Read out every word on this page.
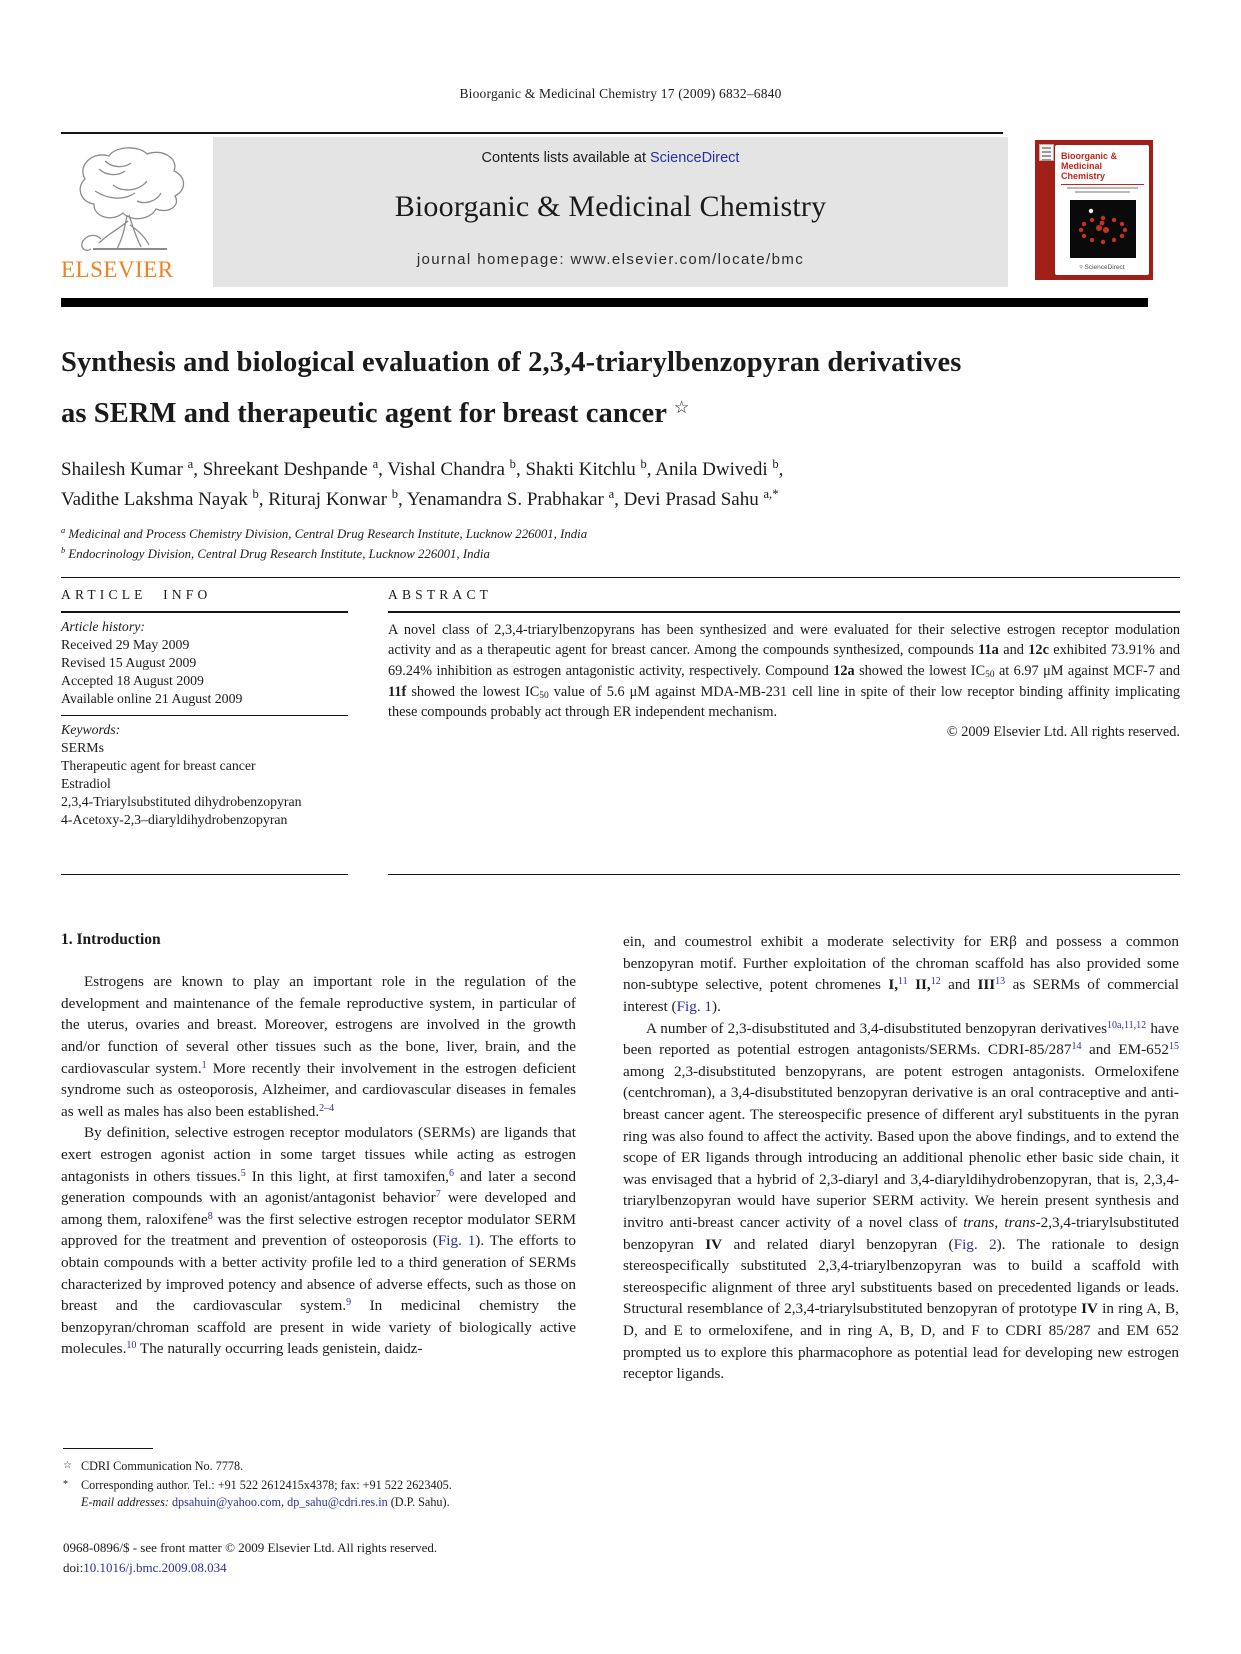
Bioorganic & Medicinal Chemistry 17 (2009) 6832–6840
ELSEVIER
Contents lists available at ScienceDirect
Bioorganic & Medicinal Chemistry
journal homepage: www.elsevier.com/locate/bmc
Bioorganic & Medicinal Chemistry
▿ ScienceDirect
Synthesis and biological evaluation of 2,3,4-triarylbenzopyran derivatives
as SERM and therapeutic agent for breast cancer ☆
Shailesh Kumar $^a$, Shreekant Deshpande $^a$, Vishal Chandra $^b$, Shakti Kitchlu $^b$, Anila Dwivedi $^b$,
Vadithe Lakshma Nayak $^b$, Rituraj Konwar $^b$, Yenamandra S. Prabhakar $^a$, Devi Prasad Sahu $^{a,*}$
$^a$ Medicinal and Process Chemistry Division, Central Drug Research Institute, Lucknow 226001, India
$^b$ Endocrinology Division, Central Drug Research Institute, Lucknow 226001, India
ARTICLE INFO
Article history:
Received 29 May 2009
Revised 15 August 2009
Accepted 18 August 2009
Available online 21 August 2009
Keywords:
SERMs
Therapeutic agent for breast cancer
Estradiol
2,3,4-Triarylsubstituted dihydrobenzopyran
4-Acetoxy-2,3–diaryldihydrobenzopyran
ABSTRACT

A novel class of 2,3,4-triarylbenzopyrans has been synthesized and were evaluated for their selective estrogen receptor modulation activity and as a therapeutic agent for breast cancer. Among the compounds synthesized, compounds 11a and 12c exhibited 73.91% and 69.24% inhibition as estrogen antagonistic activity, respectively. Compound 12a showed the lowest $IC_{50}$ at 6.97 μM against MCF-7 and 11f showed the lowest $IC_{50}$ value of 5.6 μM against MDA-MB-231 cell line in spite of their low receptor binding affinity implicating these compounds probably act through ER independent mechanism.

© 2009 Elsevier Ltd. All rights reserved.
1. Introduction

Estrogens are known to play an important role in the regulation of the development and maintenance of the female reproductive system, in particular of the uterus, ovaries and breast. Moreover, estrogens are involved in the growth and/or function of several other tissues such as the bone, liver, brain, and the cardiovascular system.$^1$ More recently their involvement in the estrogen deficient syndrome such as osteoporosis, Alzheimer, and cardiovascular diseases in females as well as males has also been established.$^{2-4}$

By definition, selective estrogen receptor modulators (SERMs) are ligands that exert estrogen agonist action in some target tissues while acting as estrogen antagonists in others tissues.$^5$ In this light, at first tamoxifen,$^6$ and later a second generation compounds with an agonist/antagonist behavior$^7$ were developed and among them, raloxifene$^8$ was the first selective estrogen receptor modulator SERM approved for the treatment and prevention of osteoporosis (Fig. 1). The efforts to obtain compounds with a better activity profile led to a third generation of SERMs characterized by improved potency and absence of adverse effects, such as those on breast and the cardiovascular system.$^9$ In medicinal chemistry the benzopyran/chroman scaffold are present in wide variety of biologically active molecules.$^{10}$ The naturally occurring leads genistein, daidz-

ein, and coumestrol exhibit a moderate selectivity for ERβ and possess a common benzopyran motif. Further exploitation of the chroman scaffold has also provided some non-subtype selective, potent chromenes I,$^{11}$ II,$^{12}$ and III$^{13}$ as SERMs of commercial interest (Fig. 1).

A number of 2,3-disubstituted and 3,4-disubstituted benzopyran derivatives$^{10a,11,12}$ have been reported as potential estrogen antagonists/SERMs. CDRI-$85/287^{14}$ and $EM-652^{15}$ among 2,3-disubstituted benzopyrans, are potent estrogen antagonists. Ormeloxifene (centchroman), a 3,4-disubstituted benzopyran derivative is an oral contraceptive and anti-breast cancer agent. The stereospecific presence of different aryl substituents in the pyran ring was also found to affect the activity. Based upon the above findings, and to extend the scope of ER ligands through introducing an additional phenolic ether basic side chain, it was envisaged that a hybrid of 2,3-diaryl and 3,4-diaryldihydrobenzopyran, that is, 2,3,4-triarylbenzopyran would have superior SERM activity. We herein present synthesis and invitro anti-breast cancer activity of a novel class of trans, trans-2,3,4-triarylsubstituted benzopyran IV and related diaryl benzopyran (Fig. 2). The rationale to design stereospecifically substituted 2,3,4-triarylbenzopyran was to build a scaffold with stereospecific alignment of three aryl substituents based on precedented ligands or leads. Structural resemblance of 2,3,4-triarylsubstituted benzopyran of prototype IV in ring A, B, D, and E to ormeloxifene, and in ring A, B, D, and F to CDRI 85/287 and EM 652 prompted us to explore this pharmacophore as potential lead for developing new estrogen receptor ligands.

☆ CDRI Communication No. 7778.
* Corresponding author. Tel.: +91 522 2612415x4378; fax: +91 522 2623405.
E-mail addresses: dpsahuin@yahoo.com, dp_sahu@cdri.res.in (D.P. Sahu).
0968-0896/$ - see front matter © 2009 Elsevier Ltd. All rights reserved.
doi:10.1016/j.bmc.2009.08.034
